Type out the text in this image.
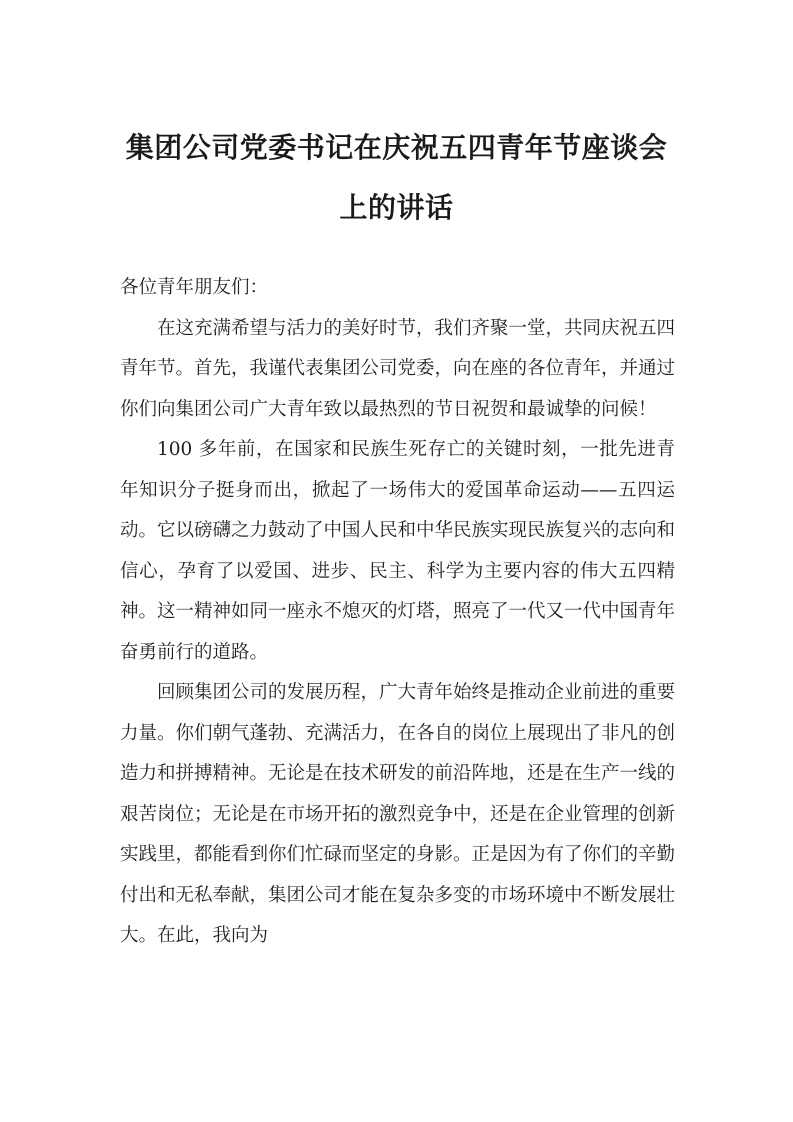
集团公司党委书记在庆祝五四青年节座谈会
上的讲话

各位青年朋友们：

在这充满希望与活力的美好时节，我们齐聚一堂，共同庆祝五四青年节。首先，我谨代表集团公司党委，向在座的各位青年，并通过你们向集团公司广大青年致以最热烈的节日祝贺和最诚挚的问候！

100 多年前，在国家和民族生死存亡的关键时刻，一批先进青年知识分子挺身而出，掀起了一场伟大的爱国革命运动——五四运动。它以磅礴之力鼓动了中国人民和中华民族实现民族复兴的志向和信心，孕育了以爱国、进步、民主、科学为主要内容的伟大五四精神。这一精神如同一座永不熄灭的灯塔，照亮了一代又一代中国青年奋勇前行的道路。

回顾集团公司的发展历程，广大青年始终是推动企业前进的重要力量。你们朝气蓬勃、充满活力，在各自的岗位上展现出了非凡的创造力和拼搏精神。无论是在技术研发的前沿阵地，还是在生产一线的艰苦岗位；无论是在市场开拓的激烈竞争中，还是在企业管理的创新实践里，都能看到你们忙碌而坚定的身影。正是因为有了你们的辛勤付出和无私奉献，集团公司才能在复杂多变的市场环境中不断发展壮大。在此，我向为
